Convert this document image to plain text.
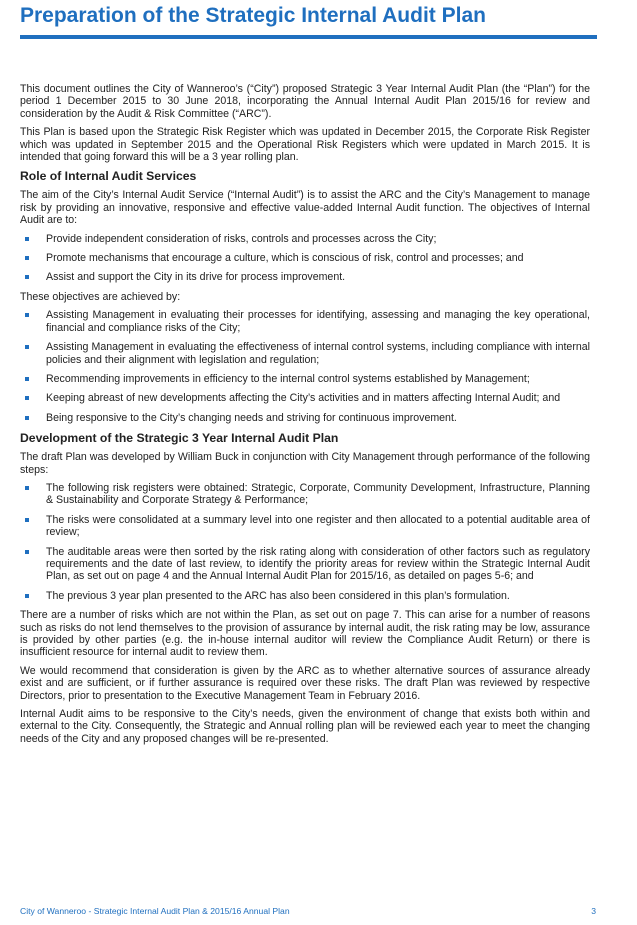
Preparation of the Strategic Internal Audit Plan

This document outlines the City of Wanneroo’s (“City”) proposed Strategic 3 Year Internal Audit Plan (the “Plan”) for the period 1 December 2015 to 30 June 2018, incorporating the Annual Internal Audit Plan 2015/16 for review and consideration by the Audit & Risk Committee (“ARC”).

This Plan is based upon the Strategic Risk Register which was updated in December 2015, the Corporate Risk Register which was updated in September 2015 and the Operational Risk Registers which were updated in March 2015. It is intended that going forward this will be a 3 year rolling plan.

Role of Internal Audit Services

The aim of the City’s Internal Audit Service (“Internal Audit”) is to assist the ARC and the City’s Management to manage risk by providing an innovative, responsive and effective value-added Internal Audit function. The objectives of Internal Audit are to:

Provide independent consideration of risks, controls and processes across the City;
Promote mechanisms that encourage a culture, which is conscious of risk, control and processes; and
Assist and support the City in its drive for process improvement.

These objectives are achieved by:

Assisting Management in evaluating their processes for identifying, assessing and managing the key operational, financial and compliance risks of the City;
Assisting Management in evaluating the effectiveness of internal control systems, including compliance with internal policies and their alignment with legislation and regulation;
Recommending improvements in efficiency to the internal control systems established by Management;
Keeping abreast of new developments affecting the City’s activities and in matters affecting Internal Audit; and
Being responsive to the City’s changing needs and striving for continuous improvement.
Development of the Strategic 3 Year Internal Audit Plan

The draft Plan was developed by William Buck in conjunction with City Management through performance of the following steps:

The following risk registers were obtained: Strategic, Corporate, Community Development, Infrastructure, Planning & Sustainability and Corporate Strategy & Performance;
The risks were consolidated at a summary level into one register and then allocated to a potential auditable area of review;
The auditable areas were then sorted by the risk rating along with consideration of other factors such as regulatory requirements and the date of last review, to identify the priority areas for review within the Strategic Internal Audit Plan, as set out on page 4 and the Annual Internal Audit Plan for 2015/16, as detailed on pages 5-6; and
The previous 3 year plan presented to the ARC has also been considered in this plan’s formulation.

There are a number of risks which are not within the Plan, as set out on page 7. This can arise for a number of reasons such as risks do not lend themselves to the provision of assurance by internal audit, the risk rating may be low, assurance is provided by other parties (e.g. the in-house internal auditor will review the Compliance Audit Return) or there is insufficient resource for internal audit to review them.

We would recommend that consideration is given by the ARC as to whether alternative sources of assurance already exist and are sufficient, or if further assurance is required over these risks. The draft Plan was reviewed by respective Directors, prior to presentation to the Executive Management Team in February 2016.

Internal Audit aims to be responsive to the City’s needs, given the environment of change that exists both within and external to the City. Consequently, the Strategic and Annual rolling plan will be reviewed each year to meet the changing needs of the City and any proposed changes will be re-presented.

City of Wanneroo - Strategic Internal Audit Plan & 2015/16 Annual Plan	3
